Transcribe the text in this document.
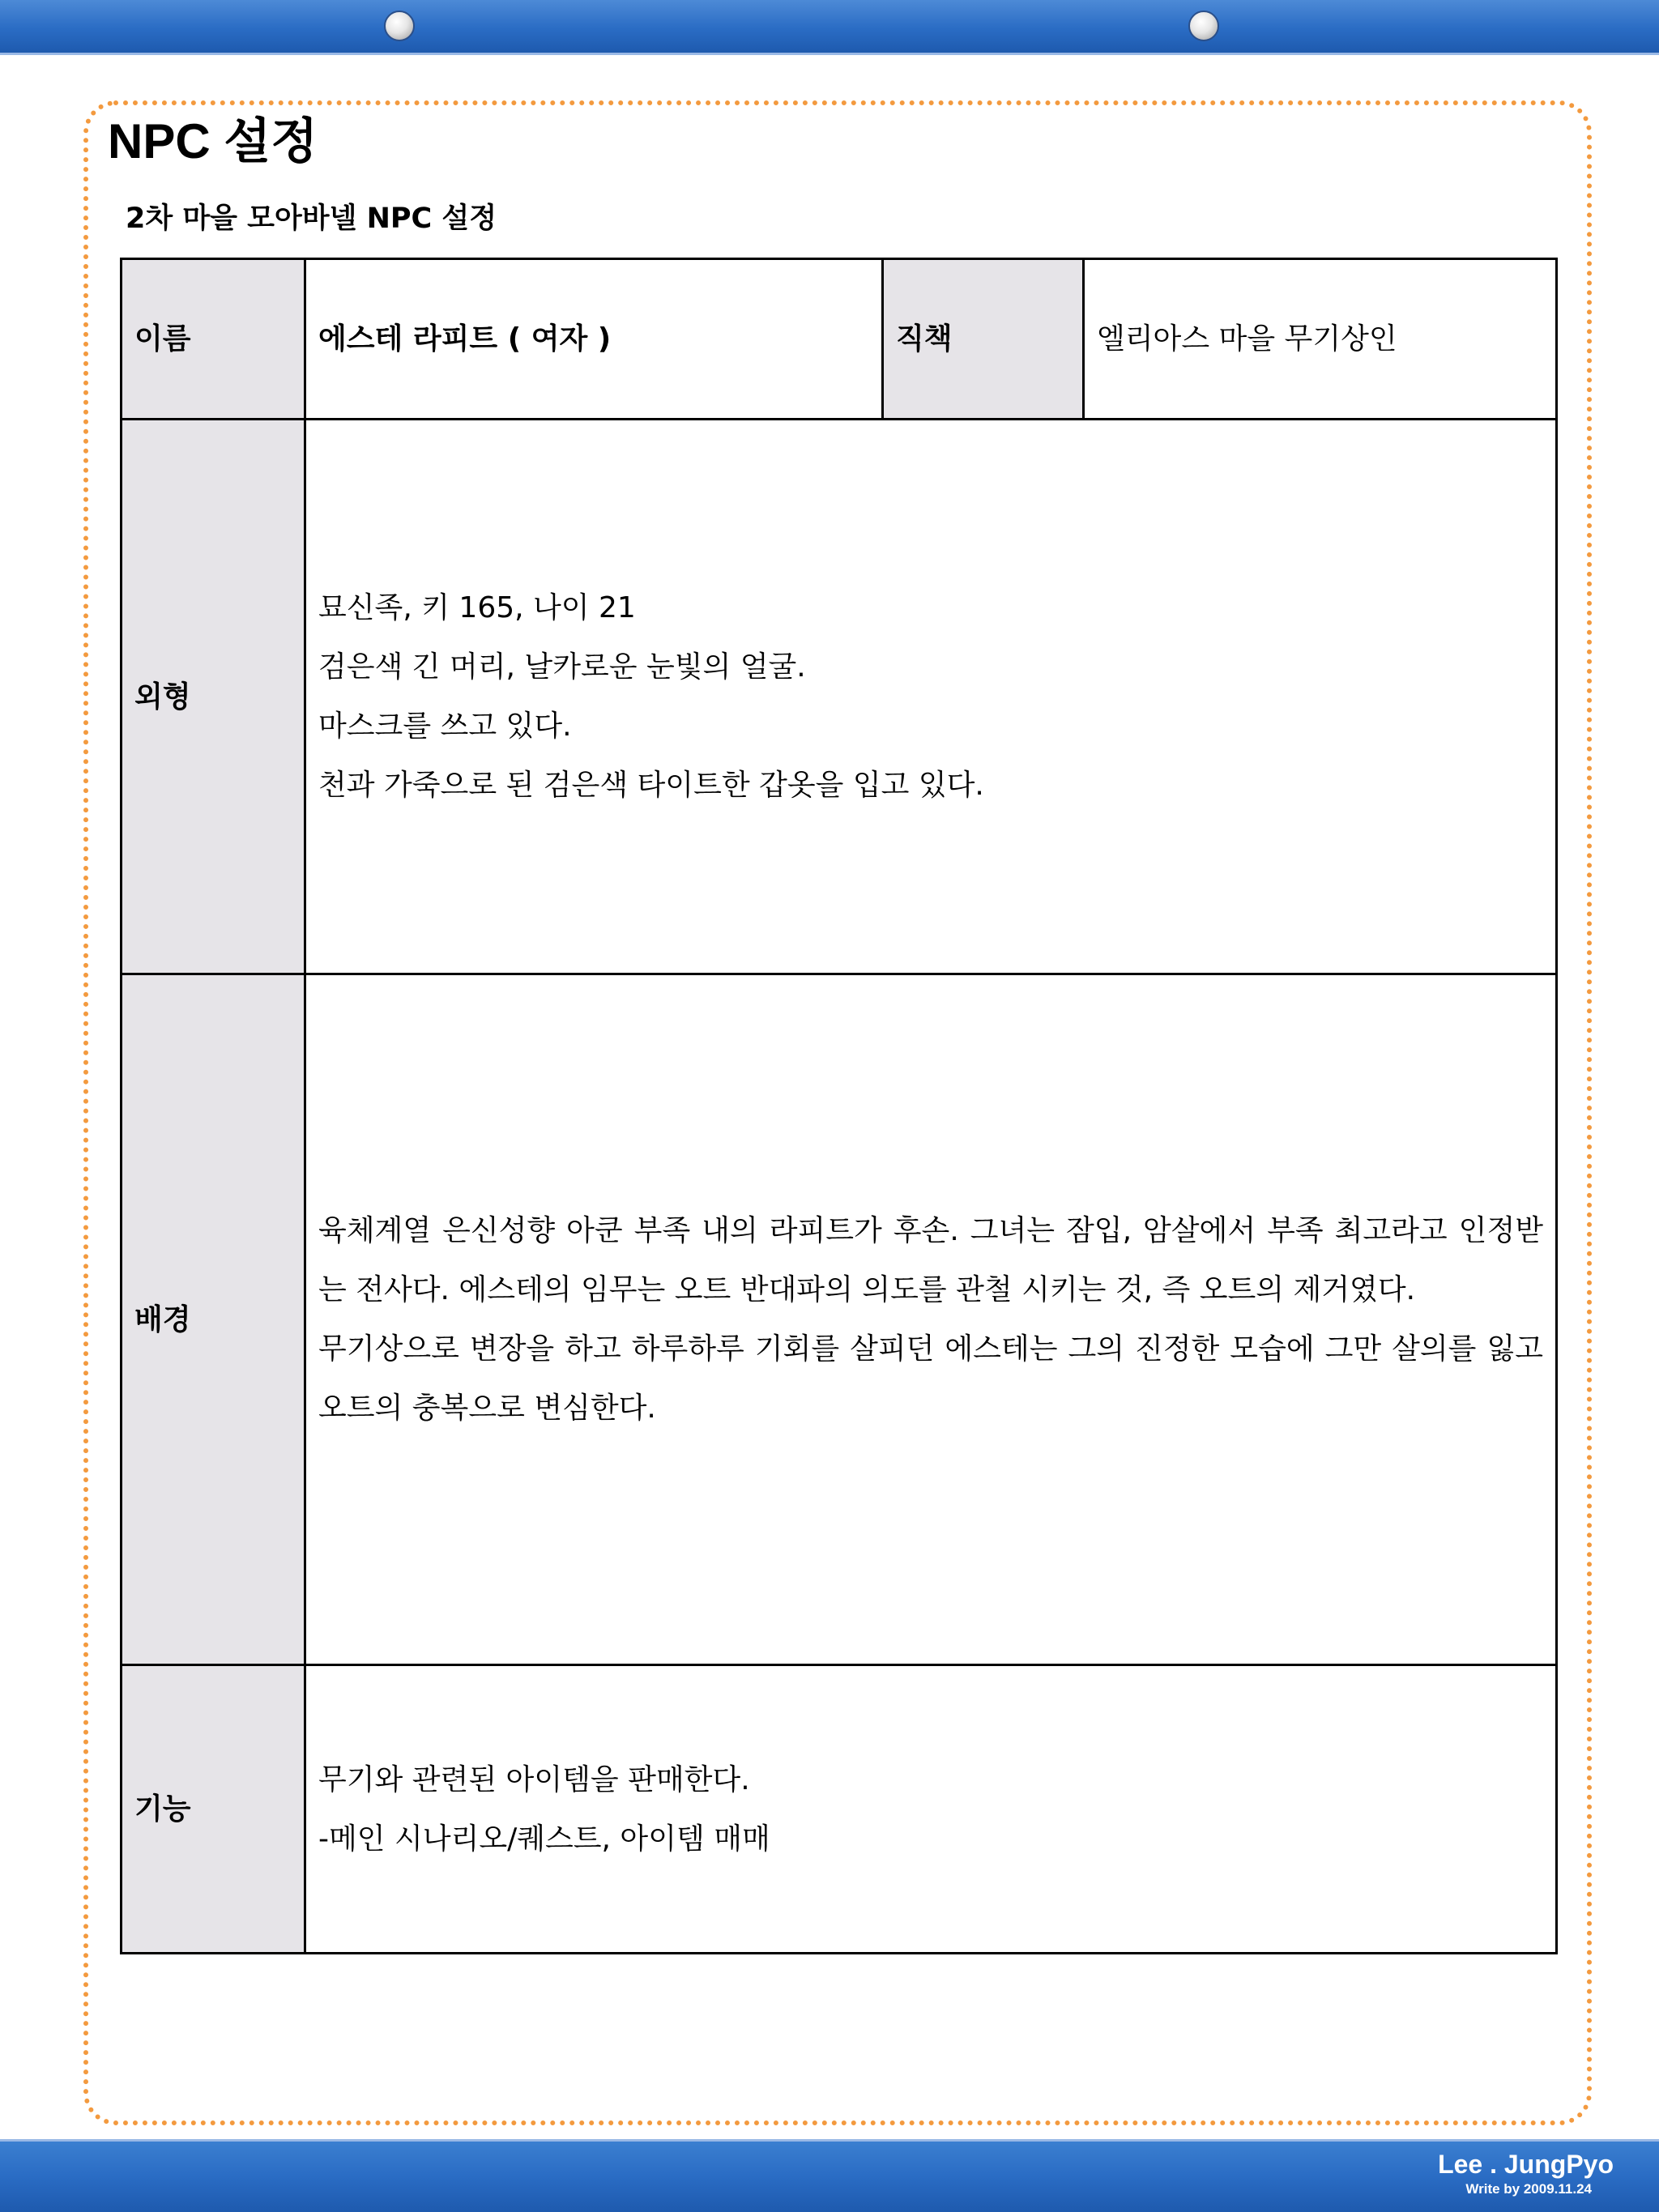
NPC 설정
2차 마을 모아바넬 NPC 설정
이름	에스테 라피트 ( 여자 )	직책	엘리아스 마을 무기상인
외형	묘신족, 키 165, 나이 21
검은색 긴 머리, 날카로운 눈빛의 얼굴.
마스크를 쓰고 있다.
천과 가죽으로 된 검은색 타이트한 갑옷을 입고 있다.		

배경	육체계열 은신성향 아쿤 부족 내의 라피트가 후손. 그녀는 잠입, 암살에서 부족 최고라고 인정받는 전사다. 에스테의 임무는 오트 반대파의 의도를 관철 시키는 것, 즉 오트의 제거였다.
무기상으로 변장을 하고 하루하루 기회를 살피던 에스테는 그의 진정한 모습에 그만 살의를 잃고 오트의 충복으로 변심한다.		

기능	무기와 관련된 아이템을 판매한다.
-메인 시나리오/퀘스트, 아이템 매매		
Lee . JungPyo
Write by 2009.11.24
